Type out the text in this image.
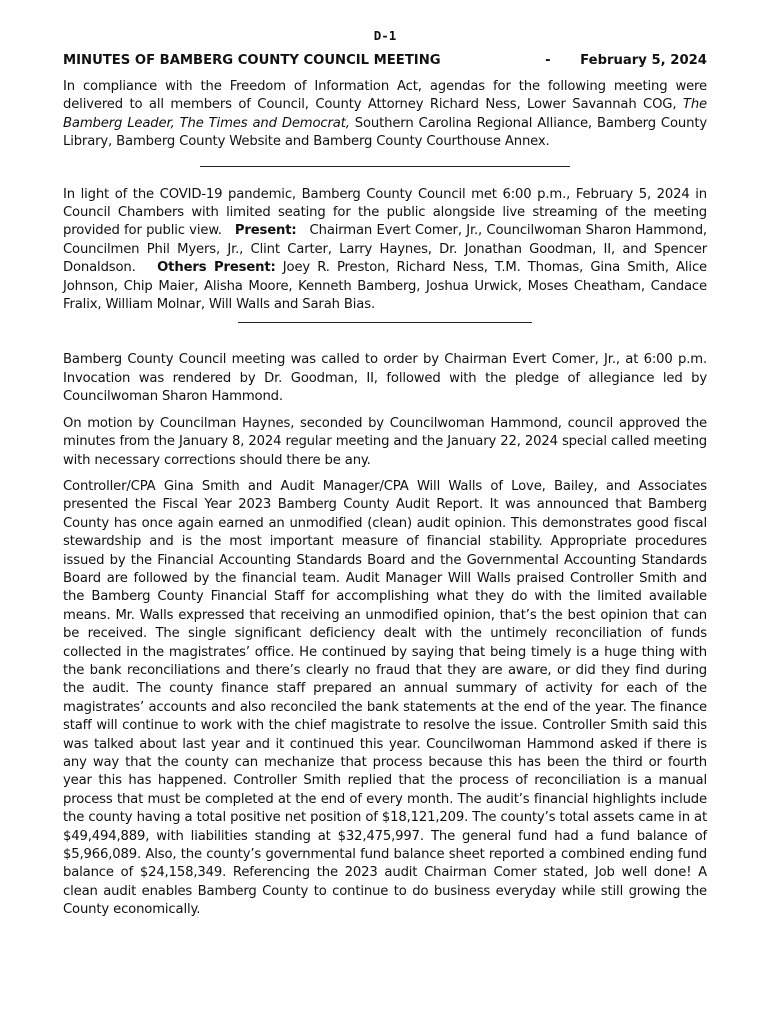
D-1
MINUTES OF BAMBERG COUNTY COUNCIL MEETING	- February 5, 2024

In compliance with the Freedom of Information Act, agendas for the following meeting were delivered to all members of Council, County Attorney Richard Ness, Lower Savannah COG, The Bamberg Leader, The Times and Democrat, Southern Carolina Regional Alliance, Bamberg County Library, Bamberg County Website and Bamberg County Courthouse Annex.

In light of the COVID-19 pandemic, Bamberg County Council met 6:00 p.m., February 5, 2024 in Council Chambers with limited seating for the public alongside live streaming of the meeting provided for public view. Present: Chairman Evert Comer, Jr., Councilwoman Sharon Hammond, Councilmen Phil Myers, Jr., Clint Carter, Larry Haynes, Dr. Jonathan Goodman, II, and Spencer Donaldson. Others Present: Joey R. Preston, Richard Ness, T.M. Thomas, Gina Smith, Alice Johnson, Chip Maier, Alisha Moore, Kenneth Bamberg, Joshua Urwick, Moses Cheatham, Candace Fralix, William Molnar, Will Walls and Sarah Bias.

Bamberg County Council meeting was called to order by Chairman Evert Comer, Jr., at 6:00 p.m. Invocation was rendered by Dr. Goodman, II, followed with the pledge of allegiance led by Councilwoman Sharon Hammond.

On motion by Councilman Haynes, seconded by Councilwoman Hammond, council approved the minutes from the January 8, 2024 regular meeting and the January 22, 2024 special called meeting with necessary corrections should there be any.

Controller/CPA Gina Smith and Audit Manager/CPA Will Walls of Love, Bailey, and Associates presented the Fiscal Year 2023 Bamberg County Audit Report. It was announced that Bamberg County has once again earned an unmodified (clean) audit opinion. This demonstrates good fiscal stewardship and is the most important measure of financial stability. Appropriate procedures issued by the Financial Accounting Standards Board and the Governmental Accounting Standards Board are followed by the financial team. Audit Manager Will Walls praised Controller Smith and the Bamberg County Financial Staff for accomplishing what they do with the limited available means. Mr. Walls expressed that receiving an unmodified opinion, that’s the best opinion that can be received. The single significant deficiency dealt with the untimely reconciliation of funds collected in the magistrates’ office. He continued by saying that being timely is a huge thing with the bank reconciliations and there’s clearly no fraud that they are aware, or did they find during the audit. The county finance staff prepared an annual summary of activity for each of the magistrates’ accounts and also reconciled the bank statements at the end of the year. The finance staff will continue to work with the chief magistrate to resolve the issue. Controller Smith said this was talked about last year and it continued this year. Councilwoman Hammond asked if there is any way that the county can mechanize that process because this has been the third or fourth year this has happened. Controller Smith replied that the process of reconciliation is a manual process that must be completed at the end of every month. The audit’s financial highlights include the county having a total positive net position of $18,121,209. The county’s total assets came in at $49,494,889, with liabilities standing at $32,475,997. The general fund had a fund balance of $5,966,089. Also, the county’s governmental fund balance sheet reported a combined ending fund balance of $24,158,349. Referencing the 2023 audit Chairman Comer stated, Job well done! A clean audit enables Bamberg County to continue to do business everyday while still growing the County economically.
